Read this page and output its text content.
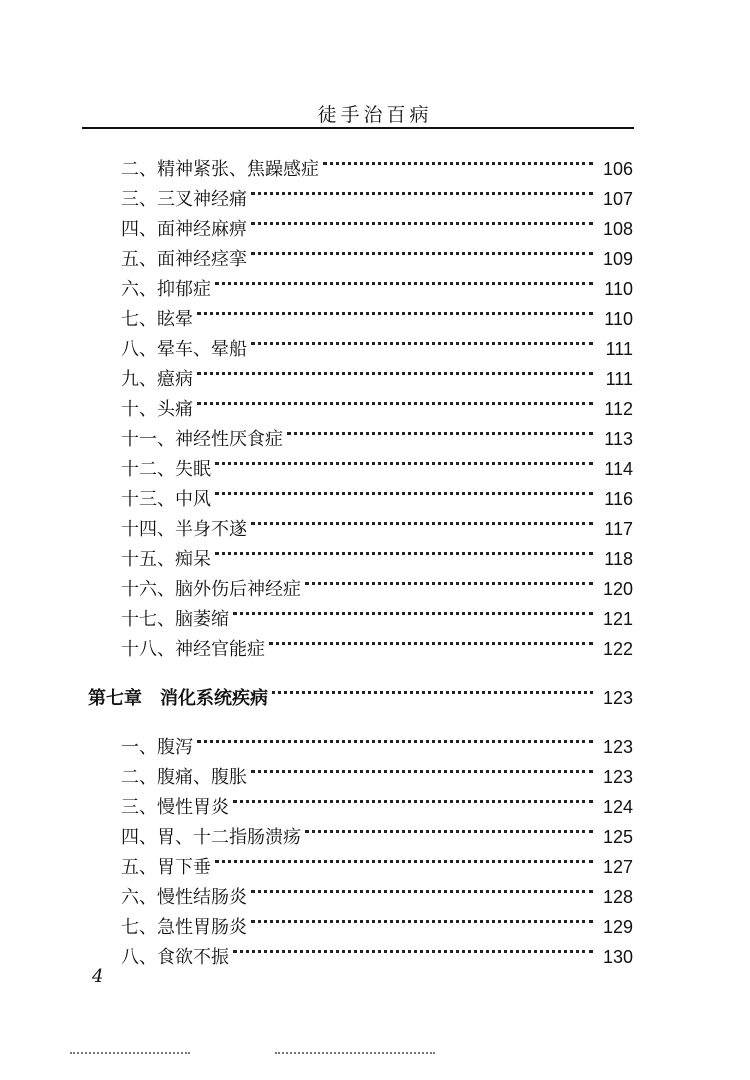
徒手治百病
二、精神紧张、焦躁感症	106
三、三叉神经痛	107
四、面神经麻痹	108
五、面神经痉挛	109
六、抑郁症	110
七、眩晕	110
八、晕车、晕船	111
九、癔病	111
十、头痛	112
十一、神经性厌食症	113
十二、失眠	114
十三、中风	116
十四、半身不遂	117
十五、痴呆	118
十六、脑外伤后神经症	120
十七、脑萎缩	121
十八、神经官能症	122
第七章 消化系统疾病	123
一、腹泻	123
二、腹痛、腹胀	123
三、慢性胃炎	124
四、胃、十二指肠溃疡	125
五、胃下垂	127
六、慢性结肠炎	128
七、急性胃肠炎	129
八、食欲不振	130
4
